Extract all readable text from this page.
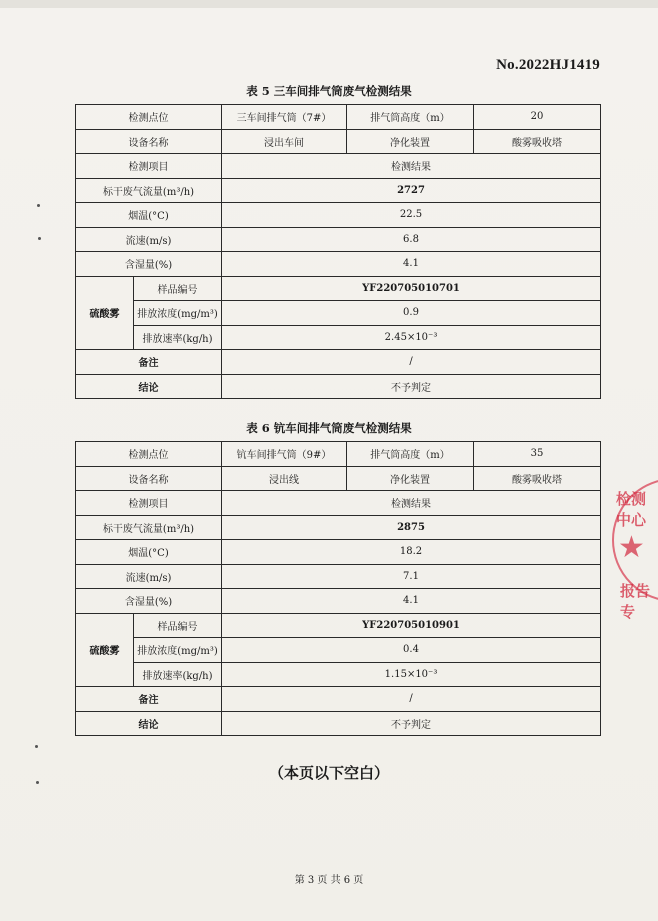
No.2022HJ1419
表 5 三车间排气筒废气检测结果
检测点位		三车间排气筒（7#）	排气筒高度（m）	20
设备名称		浸出车间	净化装置	酸雾吸收塔
检测项目		检测结果		
标干废气流量(m³/h)		2727		
烟温(°C)		22.5		
流速(m/s)		6.8		
含湿量(%)		4.1		
硫酸雾	样品编号	YF220705010701		
	排放浓度(mg/m³)	0.9		
	排放速率(kg/h)	2.45×10⁻³		
备注		/		
结论		不予判定		
表 6 钪车间排气筒废气检测结果
检测点位		钪车间排气筒（9#）	排气筒高度（m）	35
设备名称		浸出线	净化装置	酸雾吸收塔
检测项目		检测结果		
标干废气流量(m³/h)		2875		
烟温(°C)		18.2		
流速(m/s)		7.1		
含湿量(%)		4.1		
硫酸雾	样品编号	YF220705010901		
	排放浓度(mg/m³)	0.4		
	排放速率(kg/h)	1.15×10⁻³		
备注		/		
结论		不予判定		
（本页以下空白）
第 3 页 共 6 页
检测中心
★
报告专
